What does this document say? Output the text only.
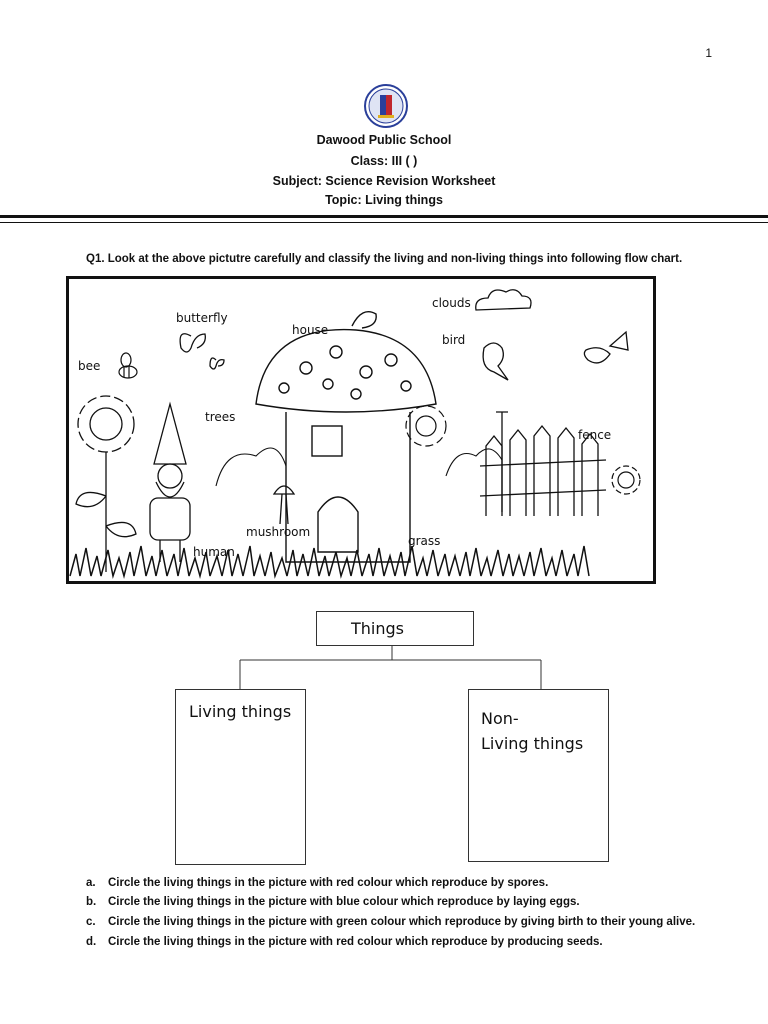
1
Dawood Public School
Class: III ( )
Subject: Science Revision Worksheet
Topic: Living things
Q1. Look at the above pictutre carefully and classify the living and non-living things into following flow chart.
butterfly
house
clouds
bird
bee
trees
fence
mushroom
grass
human
Things
Living things	Non-
Living things
a. Circle the living things in the picture with red colour which reproduce by spores.
b. Circle the living things in the picture with blue colour which reproduce by laying eggs.
c. Circle the living things in the picture with green colour which reproduce by giving birth to their young alive.
d. Circle the living things in the picture with red colour which reproduce by producing seeds.
